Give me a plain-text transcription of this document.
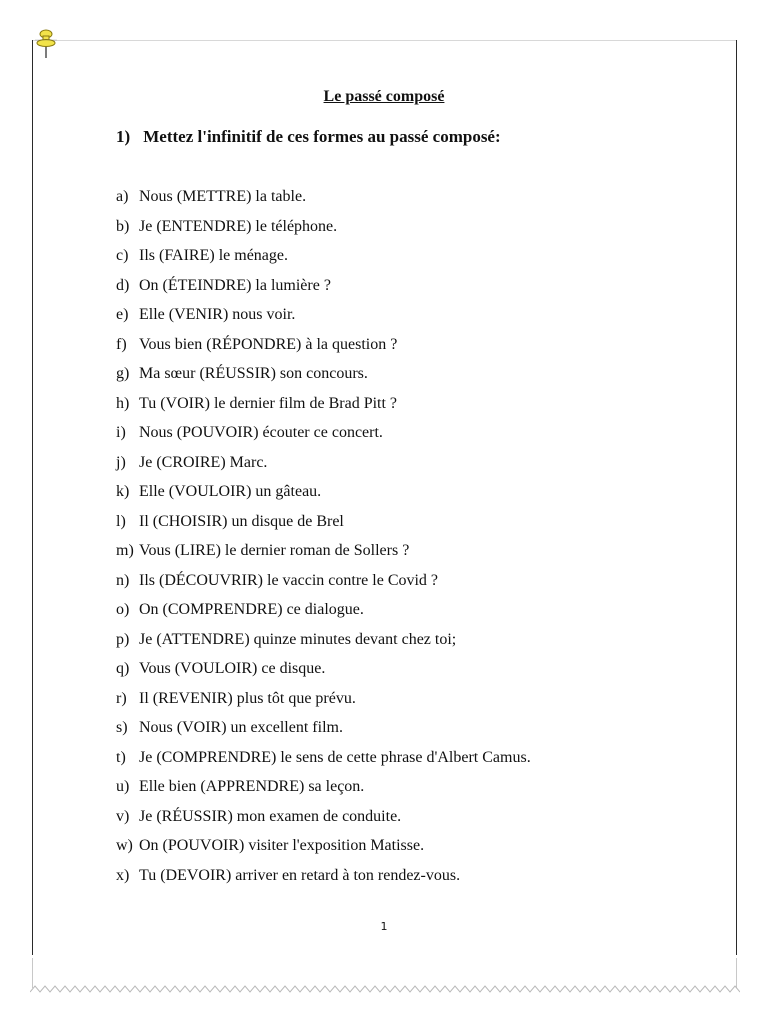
Le passé composé

1) Mettez l'infinitif de ces formes au passé composé:

a) Nous (METTRE) la table.
b) Je (ENTENDRE) le téléphone.
c) Ils (FAIRE) le ménage.
d) On (ÉTEINDRE) la lumière ?
e) Elle (VENIR) nous voir.
f) Vous bien (RÉPONDRE) à la question ?
g) Ma sœur (RÉUSSIR) son concours.
h) Tu (VOIR) le dernier film de Brad Pitt ?
i) Nous (POUVOIR) écouter ce concert.
j) Je (CROIRE) Marc.
k) Elle (VOULOIR) un gâteau.
l) Il (CHOISIR) un disque de Brel
m) Vous (LIRE) le dernier roman de Sollers ?
n) Ils (DÉCOUVRIR) le vaccin contre le Covid ?
o) On (COMPRENDRE) ce dialogue.
p) Je (ATTENDRE) quinze minutes devant chez toi;
q) Vous (VOULOIR) ce disque.
r) Il (REVENIR) plus tôt que prévu.
s) Nous (VOIR) un excellent film.
t) Je (COMPRENDRE) le sens de cette phrase d'Albert Camus.
u) Elle bien (APPRENDRE) sa leçon.
v) Je (RÉUSSIR) mon examen de conduite.
w) On (POUVOIR) visiter l'exposition Matisse.
x) Tu (DEVOIR) arriver en retard à ton rendez-vous.
1
